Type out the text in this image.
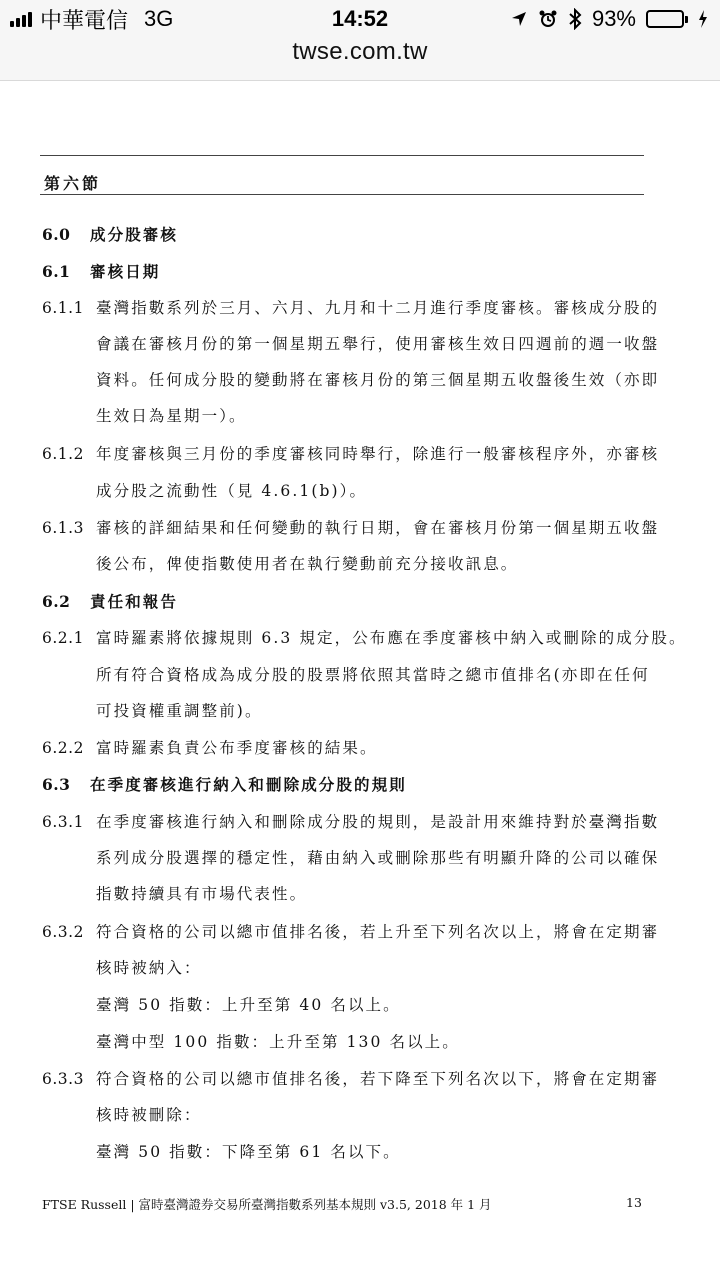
中華電信 3G	14:52	93%
twse.com.tw
第六節
6.0 成分股審核
6.1 審核日期
6.1.1 臺灣指數系列於三月、六月、九月和十二月進行季度審核。審核成分股的
會議在審核月份的第一個星期五舉行，使用審核生效日四週前的週一收盤
資料。任何成分股的變動將在審核月份的第三個星期五收盤後生效（亦即
生效日為星期一）。
6.1.2 年度審核與三月份的季度審核同時舉行，除進行一般審核程序外，亦審核
成分股之流動性（見 4.6.1(b)）。
6.1.3 審核的詳細結果和任何變動的執行日期，會在審核月份第一個星期五收盤
後公布，俾使指數使用者在執行變動前充分接收訊息。
6.2 責任和報告
6.2.1 富時羅素將依據規則 6.3 規定，公布應在季度審核中納入或刪除的成分股。
所有符合資格成為成分股的股票將依照其當時之總市值排名(亦即在任何
可投資權重調整前)。
6.2.2 富時羅素負責公布季度審核的結果。
6.3 在季度審核進行納入和刪除成分股的規則
6.3.1 在季度審核進行納入和刪除成分股的規則，是設計用來維持對於臺灣指數
系列成分股選擇的穩定性，藉由納入或刪除那些有明顯升降的公司以確保
指數持續具有市場代表性。
6.3.2 符合資格的公司以總市值排名後，若上升至下列名次以上，將會在定期審
核時被納入：
臺灣 50 指數：上升至第 40 名以上。
臺灣中型 100 指數：上升至第 130 名以上。
6.3.3 符合資格的公司以總市值排名後，若下降至下列名次以下，將會在定期審
核時被刪除：
臺灣 50 指數：下降至第 61 名以下。
FTSE Russell | 富時臺灣證券交易所臺灣指數系列基本規則 v3.5, 2018 年 1 月	13
